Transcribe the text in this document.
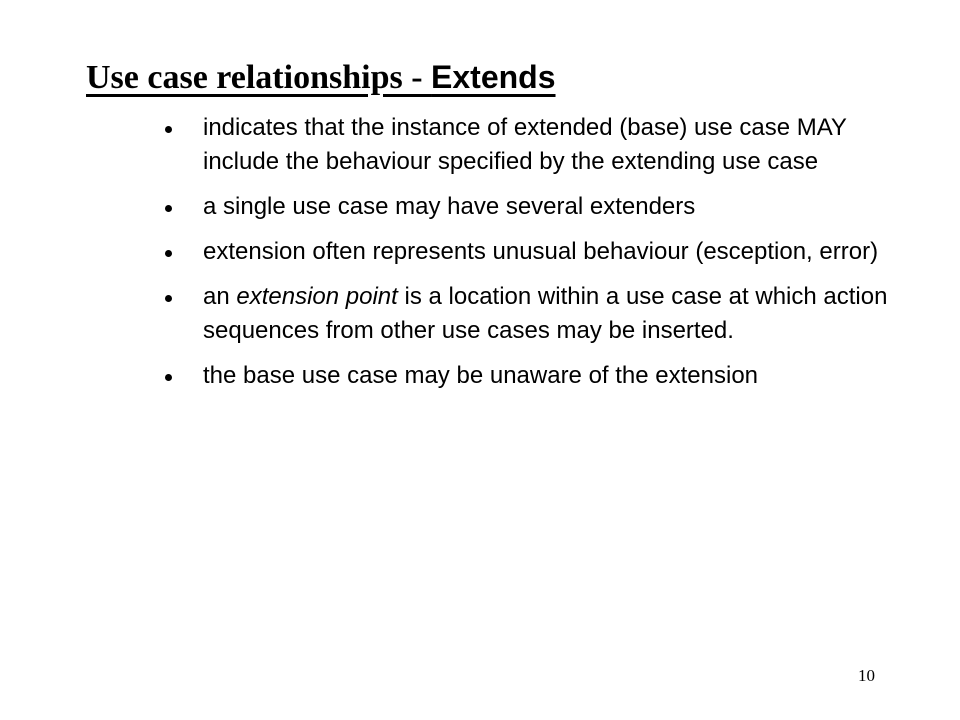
Use case relationships - Extends
indicates that the instance of extended (base) use case MAY include the behaviour specified by the extending use case
a single use case may have several extenders
extension often represents unusual behaviour (esception, error)
an extension point is a location within a use case at which action sequences from other use cases may be inserted.
the base use case may be unaware of the extension
10
